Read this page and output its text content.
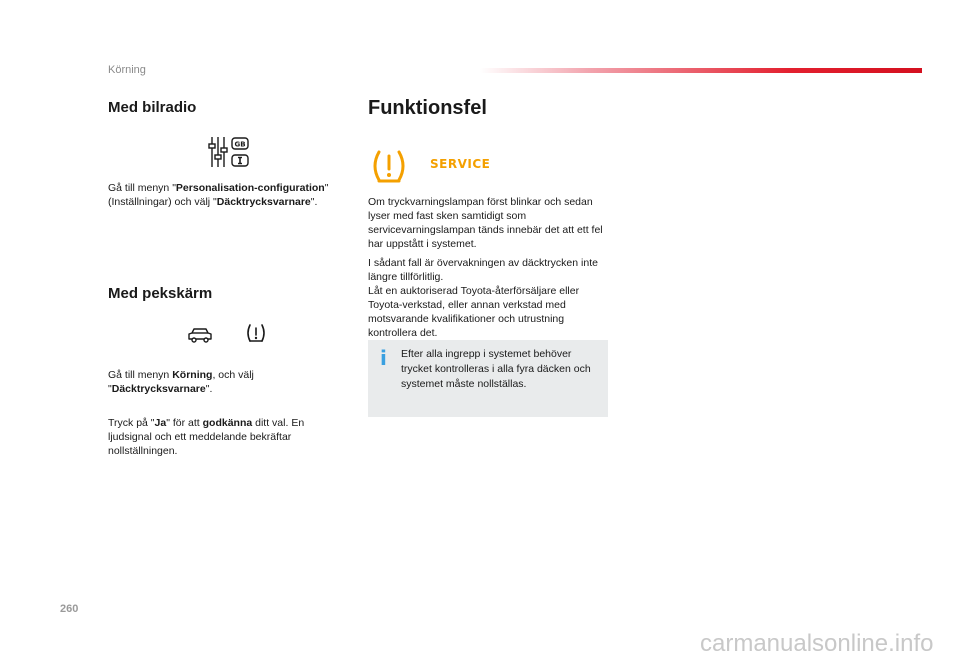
Körning
Med bilradio
GB

Gå till menyn "Personalisation-configuration" (Inställningar) och välj "Däcktrycksvarnare".

Med pekskärm

Gå till menyn Körning, och välj "Däcktrycksvarnare".

Tryck på "Ja" för att godkänna ditt val. En ljudsignal och ett meddelande bekräftar nollställningen.

Funktionsfel
SERVICE

Om tryckvarningslampan först blinkar och sedan lyser med fast sken samtidigt som servicevarningslampan tänds innebär det att ett fel har uppstått i systemet.

I sådant fall är övervakningen av däcktrycken inte längre tillförlitlig.
Låt en auktoriserad Toyota-återförsäljare eller Toyota-verkstad, eller annan verkstad med motsvarande kvalifikationer och utrustning kontrollera det.

i Efter alla ingrepp i systemet behöver trycket kontrolleras i alla fyra däcken och systemet måste nollställas.
260
carmanualsonline.info
